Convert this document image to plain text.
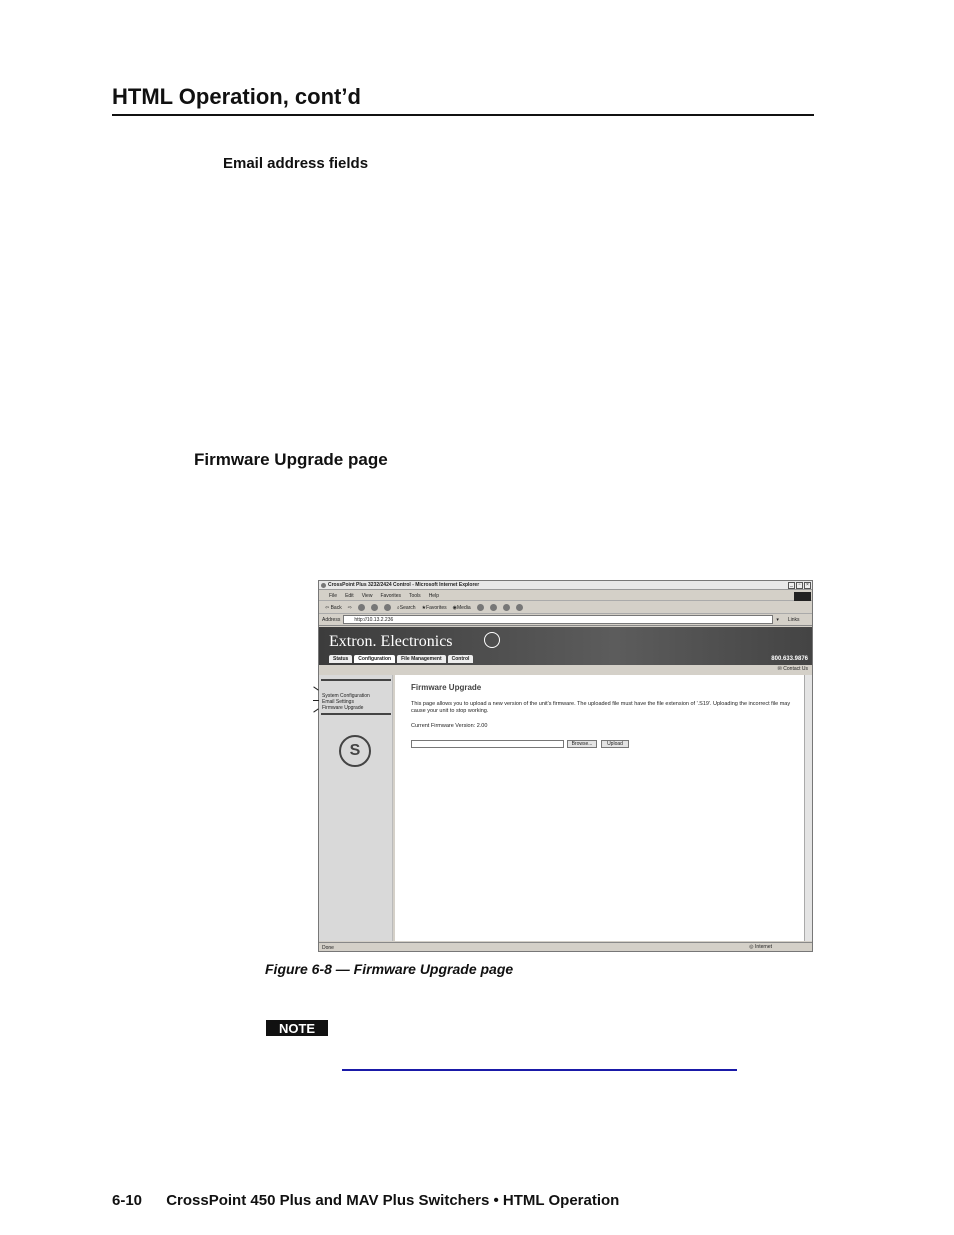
HTML Operation, cont’d
Email address fields
Firmware Upgrade page
CrossPoint Plus 3232/2424 Control - Microsoft Internet Explorer	_	▫	×
File Edit View Favorites Tools Help
⇦ Back ⇨	⌕Search ★Favorites ◉Media
Address	http://10.13.2.236	▾ Links
Extron. Electronics
Status	Configuration	File Management	Control	800.633.9876
✉ Contact Us
System Configuration
Email Settings
Firmware Upgrade
S
Firmware Upgrade
This page allows you to upload a new version of the unit's firmware. The uploaded file must have the file extension of '.S19'. Uploading the incorrect file may cause your unit to stop working.
Current Firmware Version: 2.00
Browse...	Upload
Done	◎ Internet
Figure 6-8 — Firmware Upgrade page
NOTE
6-10 CrossPoint 450 Plus and MAV Plus Switchers • HTML Operation
